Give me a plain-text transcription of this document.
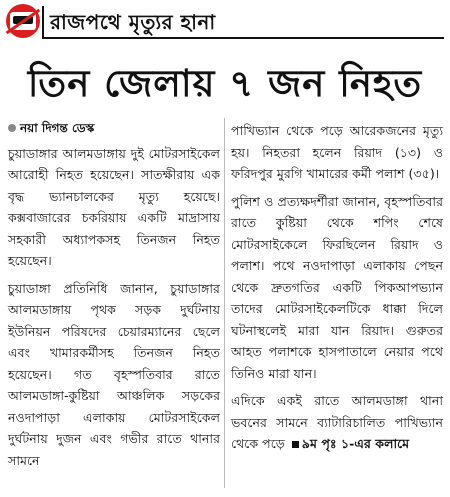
রাজপথে মৃত্যুর হানা
তিন জেলায় ৭ জন নিহত

নয়া দিগন্ত ডেস্ক

চুয়াডাঙ্গার আলমডাঙ্গায় দুই মোটরসাইকেল আরোহী নিহত হয়েছেন। সাতক্ষীরায় এক বৃদ্ধ ভ্যানচালকের মৃত্যু হয়েছে। কক্সবাজারের চকরিয়ায় একটি মাদ্রাসায় সহকারী অধ্যাপকসহ তিনজন নিহত হয়েছেন।

চুয়াডাঙ্গা প্রতিনিধি জানান, চুয়াডাঙ্গার আলমডাঙ্গায় পৃথক সড়ক দুর্ঘটনায় ইউনিয়ন পরিষদের চেয়ারম্যানের ছেলে এবং খামারকর্মীসহ তিনজন নিহত হয়েছেন। গত বৃহস্পতিবার রাতে আলমডাঙ্গা-কুষ্টিয়া আঞ্চলিক সড়কের নওদাপাড়া এলাকায় মোটরসাইকেল দুর্ঘটনায় দুজন এবং গভীর রাতে থানার সামনে

পাখিভ্যান থেকে পড়ে আরেকজনের মৃত্যু হয়। নিহতরা হলেন রিয়াদ (১৩) ও ফরিদপুর মুরগি খামারের কর্মী পলাশ (৩৫)।

পুলিশ ও প্রত্যক্ষদর্শীরা জানান, বৃহস্পতিবার রাতে কুষ্টিয়া থেকে শপিং শেষে মোটরসাইকেলে ফিরছিলেন রিয়াদ ও পলাশ। পথে নওদাপাড়া এলাকায় পেছন থেকে দ্রুতগতির একটি পিকআপভ্যান তাদের মোটরসাইকেলটিকে ধাক্কা দিলে ঘটনাস্থলেই মারা যান রিয়াদ। গুরুতর আহত পলাশকে হাসপাতালে নেয়ার পথে তিনিও মারা যান।

এদিকে একই রাতে আলমডাঙ্গা থানা ভবনের সামনে ব্যাটারিচালিত পাখিভ্যান থেকে পড়ে ৯ম পৃঃ ১-এর কলামে
